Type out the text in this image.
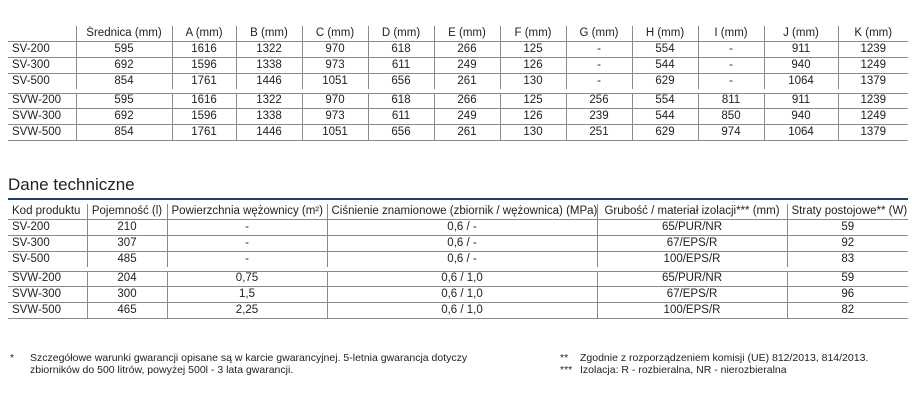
	Średnica (mm)	A (mm)	B (mm)	C (mm)	D (mm)	E (mm)	F (mm)	G (mm)	H (mm)	I (mm)	J (mm)	K (mm)
SV-200	595	1616	1322	970	618	266	125	-	554	-	911	1239
SV-300	692	1596	1338	973	611	249	126	-	544	-	940	1249
SV-500	854	1761	1446	1051	656	261	130	-	629	-	1064	1379
SVW-200	595	1616	1322	970	618	266	125	256	554	811	911	1239
SVW-300	692	1596	1338	973	611	249	126	239	544	850	940	1249
SVW-500	854	1761	1446	1051	656	261	130	251	629	974	1064	1379
Dane techniczne
Kod produktu	Pojemność (l)	Powierzchnia wężownicy (m²)	Ciśnienie znamionowe (zbiornik / wężownica) (MPa)	Grubość / materiał izolacji*** (mm)	Straty postojowe** (W)
SV-200	210	-	0,6 / -	65/PUR/NR	59
SV-300	307	-	0,6 / -	67/EPS/R	92
SV-500	485	-	0,6 / -	100/EPS/R	83
SVW-200	204	0,75	0,6 / 1,0	65/PUR/NR	59
SVW-300	300	1,5	0,6 / 1,0	67/EPS/R	96
SVW-500	465	2,25	0,6 / 1,0	100/EPS/R	82
*	Szczegółowe warunki gwarancji opisane są w karcie gwarancyjnej. 5-letnia gwarancja dotyczy
zbiorników do 500 litrów, powyżej 500l - 3 lata gwarancji.
**	Zgodnie z rozporządzeniem komisji (UE) 812/2013, 814/2013.
*** Izolacja: R - rozbieralna, NR - nierozbieralna
